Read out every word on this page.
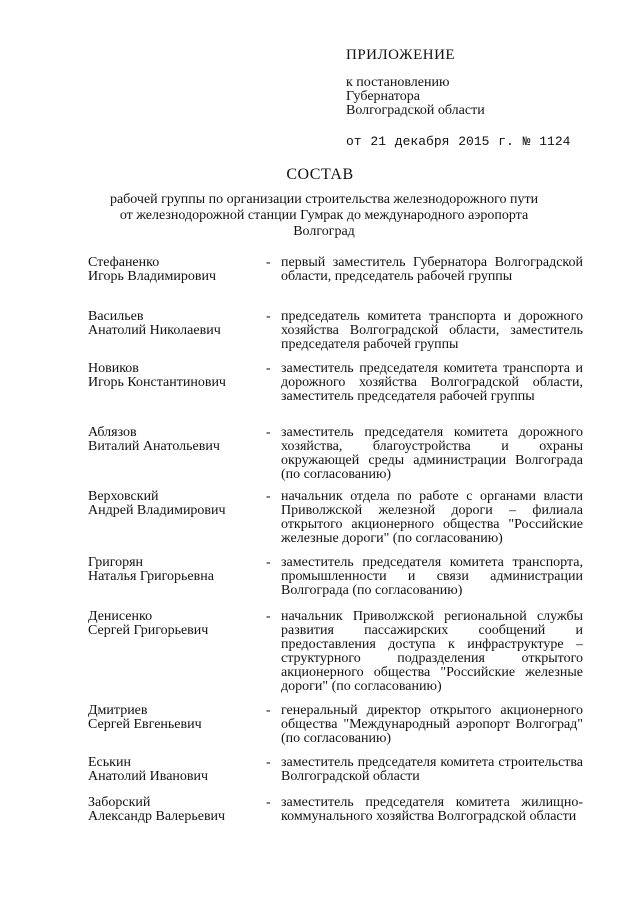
ПРИЛОЖЕНИЕ
к постановлению
Губернатора
Волгоградской области
от 21 декабря 2015 г. № 1124
СОСТАВ
рабочей группы по организации строительства железнодорожного пути
от железнодорожной станции Гумрак до международного аэропорта
Волгоград
Стефаненко
Игорь Владимирович
- первый заместитель Губернатора Волгоградской области, председатель рабочей группы
Васильев
Анатолий Николаевич
- председатель комитета транспорта и дорожного хозяйства Волгоградской области, заместитель председателя рабочей группы
Новиков
Игорь Константинович
- заместитель председателя комитета транспорта и дорожного хозяйства Волгоградской области, заместитель председателя рабочей группы
Аблязов
Виталий Анатольевич
- заместитель председателя комитета дорожного хозяйства, благоустройства и охраны окружающей среды администрации Волгограда (по согласованию)
Верховский
Андрей Владимирович
- начальник отдела по работе с органами власти Приволжской железной дороги – филиала открытого акционерного общества "Российские железные дороги" (по согласованию)
Григорян
Наталья Григорьевна
- заместитель председателя комитета транспорта, промышленности и связи администрации Волгограда (по согласованию)
Денисенко
Сергей Григорьевич
- начальник Приволжской региональной службы развития пассажирских сообщений и предоставления доступа к инфраструктуре – структурного подразделения открытого акционерного общества "Российские железные дороги" (по согласованию)
Дмитриев
Сергей Евгеньевич
- генеральный директор открытого акционерного общества "Международный аэропорт Волгоград" (по согласованию)
Еськин
Анатолий Иванович
- заместитель председателя комитета строительства Волгоградской области
Заборский
Александр Валерьевич
- заместитель председателя комитета жилищно-коммунального хозяйства Волгоградской области
